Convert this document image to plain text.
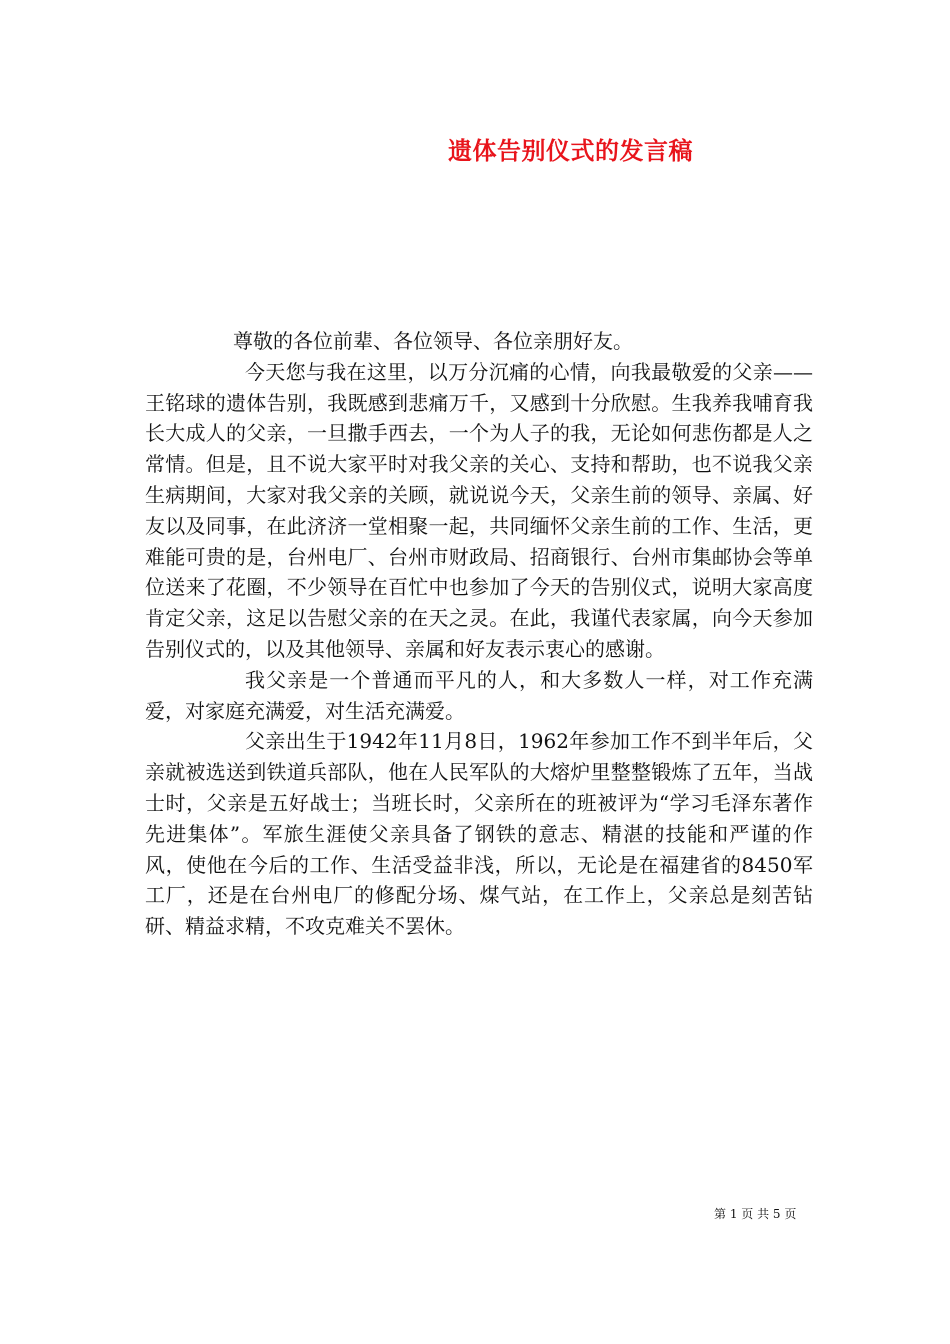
遗体告别仪式的发言稿

尊敬的各位前辈、各位领导、各位亲朋好友。

今天您与我在这里，以万分沉痛的心情，向我最敬爱的父亲——王铭球的遗体告别，我既感到悲痛万千，又感到十分欣慰。生我养我哺育我长大成人的父亲，一旦撒手西去，一个为人子的我，无论如何悲伤都是人之常情。但是，且不说大家平时对我父亲的关心、支持和帮助，也不说我父亲生病期间，大家对我父亲的关顾，就说说今天，父亲生前的领导、亲属、好友以及同事，在此济济一堂相聚一起，共同缅怀父亲生前的工作、生活，更难能可贵的是，台州电厂、台州市财政局、招商银行、台州市集邮协会等单位送来了花圈，不少领导在百忙中也参加了今天的告别仪式，说明大家高度肯定父亲，这足以告慰父亲的在天之灵。在此，我谨代表家属，向今天参加告别仪式的，以及其他领导、亲属和好友表示衷心的感谢。

我父亲是一个普通而平凡的人，和大多数人一样，对工作充满爱，对家庭充满爱，对生活充满爱。

父亲出生于1942年11月8日，1962年参加工作不到半年后，父亲就被选送到铁道兵部队，他在人民军队的大熔炉里整整锻炼了五年，当战士时，父亲是五好战士；当班长时，父亲所在的班被评为“学习毛泽东著作先进集体”。军旅生涯使父亲具备了钢铁的意志、精湛的技能和严谨的作风，使他在今后的工作、生活受益非浅，所以，无论是在福建省的8450军工厂，还是在台州电厂的修配分场、煤气站，在工作上，父亲总是刻苦钻研、精益求精，不攻克难关不罢休。

第 1 页 共 5 页
